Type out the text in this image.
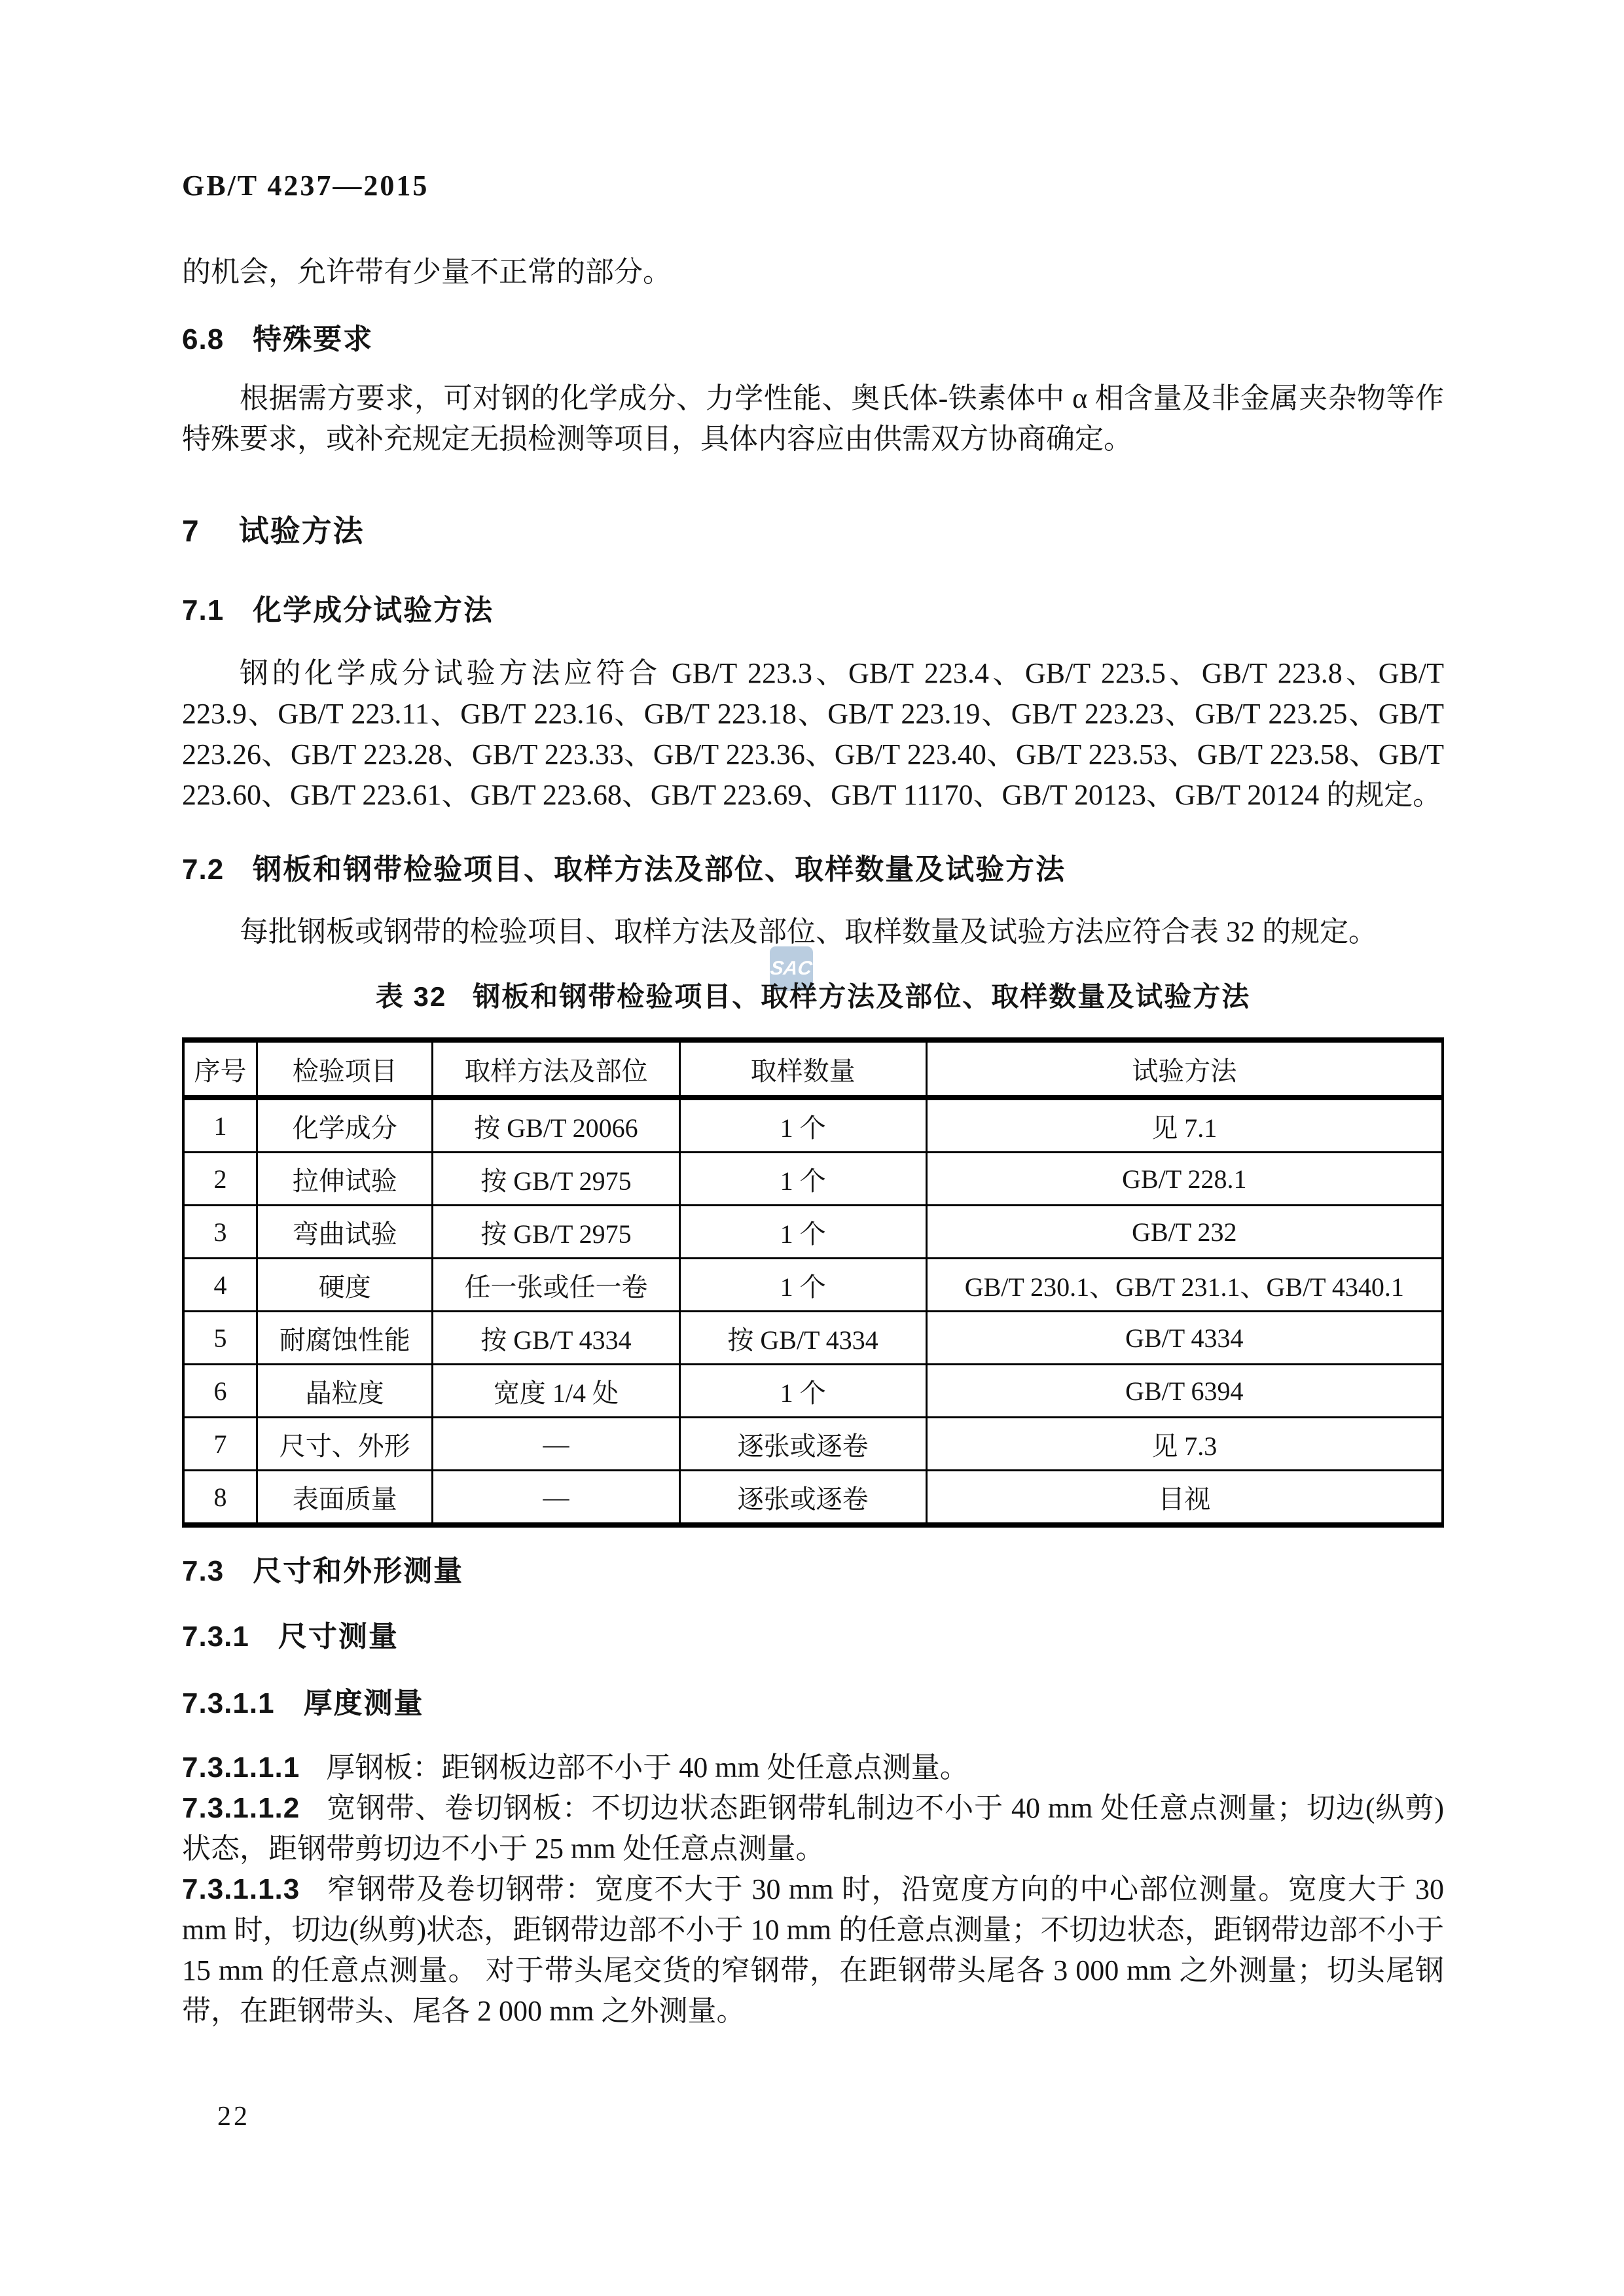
SAC
GB/T 4237—2015
的机会，允许带有少量不正常的部分。
6.8 特殊要求
根据需方要求，可对钢的化学成分、力学性能、奥氏体-铁素体中 α 相含量及非金属夹杂物等作特殊要求，或补充规定无损检测等项目，具体内容应由供需双方协商确定。
7 试验方法
7.1 化学成分试验方法
钢的化学成分试验方法应符合 GB/T 223.3、GB/T 223.4、GB/T 223.5、GB/T 223.8、GB/T 223.9、GB/T 223.11、GB/T 223.16、GB/T 223.18、GB/T 223.19、GB/T 223.23、GB/T 223.25、GB/T 223.26、GB/T 223.28、GB/T 223.33、GB/T 223.36、GB/T 223.40、GB/T 223.53、GB/T 223.58、GB/T 223.60、GB/T 223.61、GB/T 223.68、GB/T 223.69、GB/T 11170、GB/T 20123、GB/T 20124 的规定。
7.2 钢板和钢带检验项目、取样方法及部位、取样数量及试验方法
每批钢板或钢带的检验项目、取样方法及部位、取样数量及试验方法应符合表 32 的规定。
表 32 钢板和钢带检验项目、取样方法及部位、取样数量及试验方法
序号	检验项目	取样方法及部位	取样数量	试验方法
1	化学成分	按 GB/T 20066	1 个	见 7.1
2	拉伸试验	按 GB/T 2975	1 个	GB/T 228.1
3	弯曲试验	按 GB/T 2975	1 个	GB/T 232
4	硬度	任一张或任一卷	1 个	GB/T 230.1、GB/T 231.1、GB/T 4340.1
5	耐腐蚀性能	按 GB/T 4334	按 GB/T 4334	GB/T 4334
6	晶粒度	宽度 1/4 处	1 个	GB/T 6394
7	尺寸、外形	—	逐张或逐卷	见 7.3
8	表面质量	—	逐张或逐卷	目视
7.3 尺寸和外形测量
7.3.1 尺寸测量
7.3.1.1 厚度测量

7.3.1.1.1 厚钢板：距钢板边部不小于 40 mm 处任意点测量。

7.3.1.1.2 宽钢带、卷切钢板：不切边状态距钢带轧制边不小于 40 mm 处任意点测量；切边(纵剪)状态，距钢带剪切边不小于 25 mm 处任意点测量。

7.3.1.1.3 窄钢带及卷切钢带：宽度不大于 30 mm 时，沿宽度方向的中心部位测量。宽度大于 30 mm 时，切边(纵剪)状态，距钢带边部不小于 10 mm 的任意点测量；不切边状态，距钢带边部不小于 15 mm 的任意点测量。 对于带头尾交货的窄钢带，在距钢带头尾各 3 000 mm 之外测量；切头尾钢带，在距钢带头、尾各 2 000 mm 之外测量。

22
